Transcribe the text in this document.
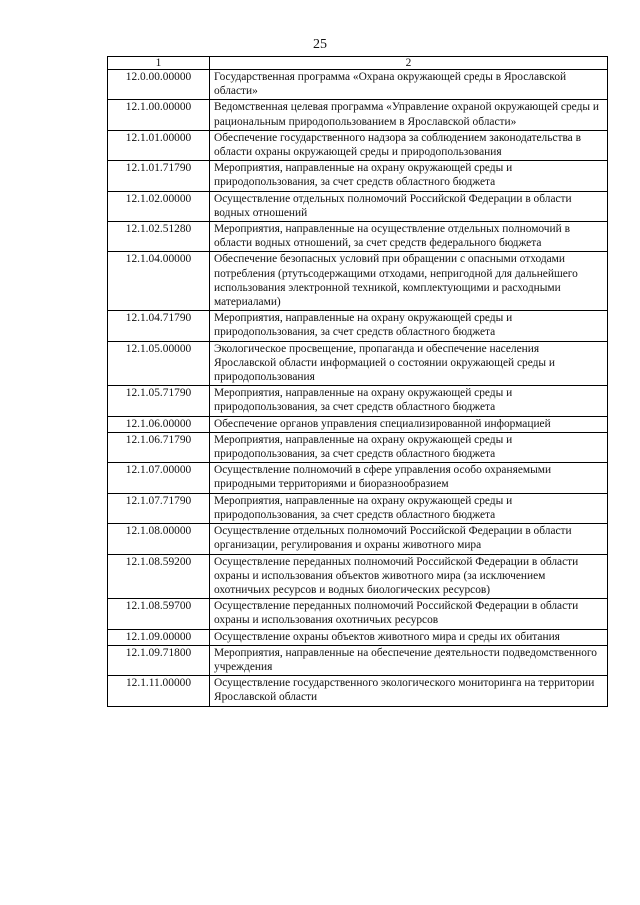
25
1	2
12.0.00.00000	Государственная программа «Охрана окружающей среды в Ярославской области»
12.1.00.00000	Ведомственная целевая программа «Управление охраной окружающей среды и рациональным природопользованием в Ярославской области»
12.1.01.00000	Обеспечение государственного надзора за соблюдением законодательства в области охраны окружающей среды и природопользования
12.1.01.71790	Мероприятия, направленные на охрану окружающей среды и природопользования, за счет средств областного бюджета
12.1.02.00000	Осуществление отдельных полномочий Российской Федерации в области водных отношений
12.1.02.51280	Мероприятия, направленные на осуществление отдельных полномочий в области водных отношений, за счет средств федерального бюджета
12.1.04.00000	Обеспечение безопасных условий при обращении с опасными отходами потребления (ртутьсодержащими отходами, непригодной для дальнейшего использования электронной техникой, комплектующими и расходными материалами)
12.1.04.71790	Мероприятия, направленные на охрану окружающей среды и природопользования, за счет средств областного бюджета
12.1.05.00000	Экологическое просвещение, пропаганда и обеспечение населения Ярославской области информацией о состоянии окружающей среды и природопользования
12.1.05.71790	Мероприятия, направленные на охрану окружающей среды и природопользования, за счет средств областного бюджета
12.1.06.00000	Обеспечение органов управления специализированной информацией
12.1.06.71790	Мероприятия, направленные на охрану окружающей среды и природопользования, за счет средств областного бюджета
12.1.07.00000	Осуществление полномочий в сфере управления особо охраняемыми природными территориями и биоразнообразием
12.1.07.71790	Мероприятия, направленные на охрану окружающей среды и природопользования, за счет средств областного бюджета
12.1.08.00000	Осуществление отдельных полномочий Российской Федерации в области организации, регулирования и охраны животного мира
12.1.08.59200	Осуществление переданных полномочий Российской Федерации в области охраны и использования объектов животного мира (за исключением охотничьих ресурсов и водных биологических ресурсов)
12.1.08.59700	Осуществление переданных полномочий Российской Федерации в области охраны и использования охотничьих ресурсов
12.1.09.00000	Осуществление охраны объектов животного мира и среды их обитания
12.1.09.71800	Мероприятия, направленные на обеспечение деятельности подведомственного учреждения
12.1.11.00000	Осуществление государственного экологического мониторинга на территории Ярославской области
